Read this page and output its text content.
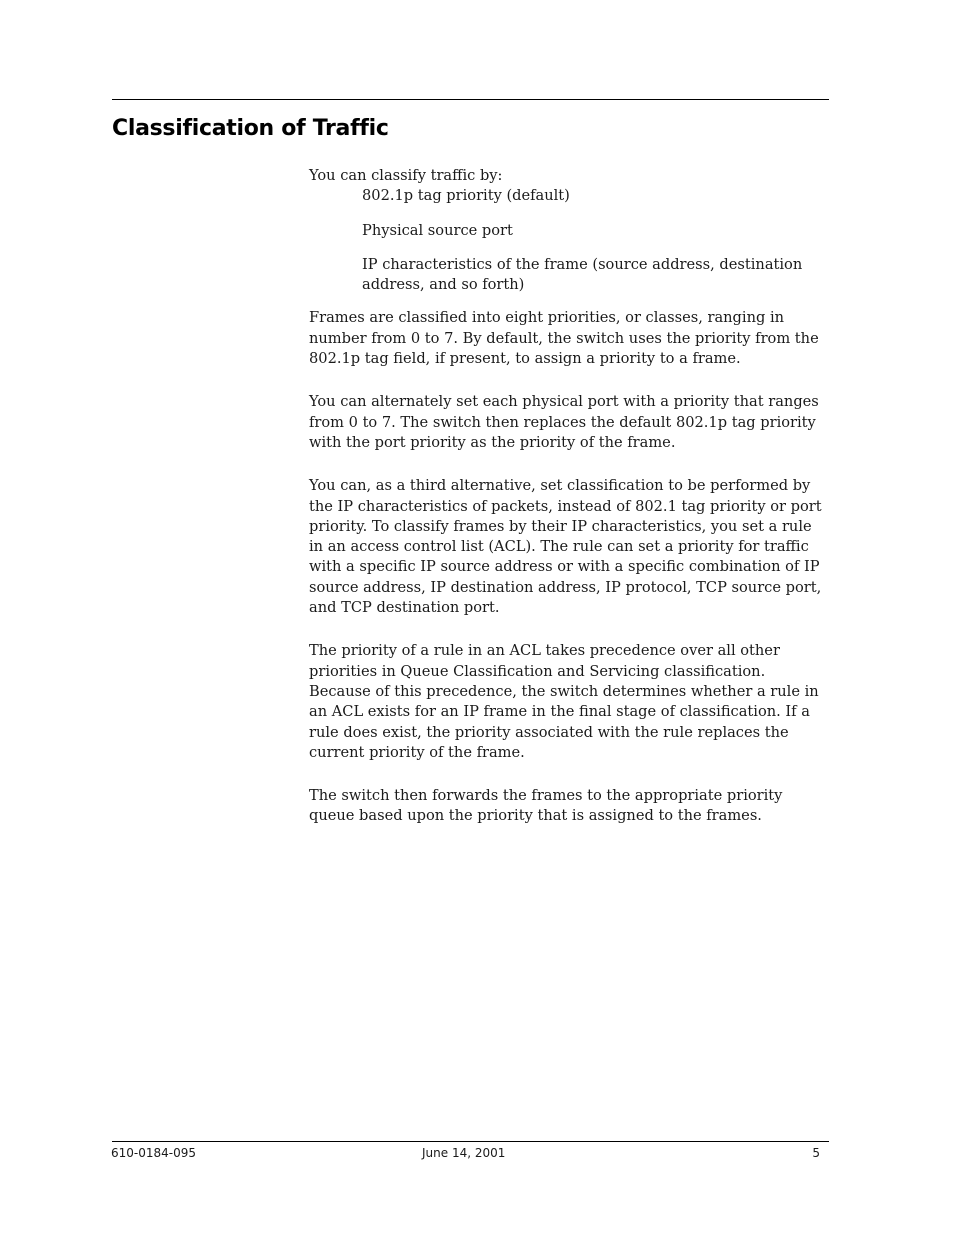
Classification of Traffic

You can classify traffic by:

802.1p tag priority (default)
Physical source port
IP characteristics of the frame (source address, destination address, and so forth)

Frames are classified into eight priorities, or classes, ranging in number from 0 to 7. By default, the switch uses the priority from the 802.1p tag field, if present, to assign a priority to a frame.

You can alternately set each physical port with a priority that ranges from 0 to 7. The switch then replaces the default 802.1p tag priority with the port priority as the priority of the frame.

You can, as a third alternative, set classification to be performed by the IP characteristics of packets, instead of 802.1 tag priority or port priority. To classify frames by their IP characteristics, you set a rule in an access control list (ACL). The rule can set a priority for traffic with a specific IP source address or with a specific combination of IP source address, IP destination address, IP protocol, TCP source port, and TCP destination port.

The priority of a rule in an ACL takes precedence over all other priorities in Queue Classification and Servicing classification. Because of this precedence, the switch determines whether a rule in an ACL exists for an IP frame in the final stage of classification. If a rule does exist, the priority associated with the rule replaces the current priority of the frame.

The switch then forwards the frames to the appropriate priority queue based upon the priority that is assigned to the frames.

610-0184-095	June 14, 2001	5
